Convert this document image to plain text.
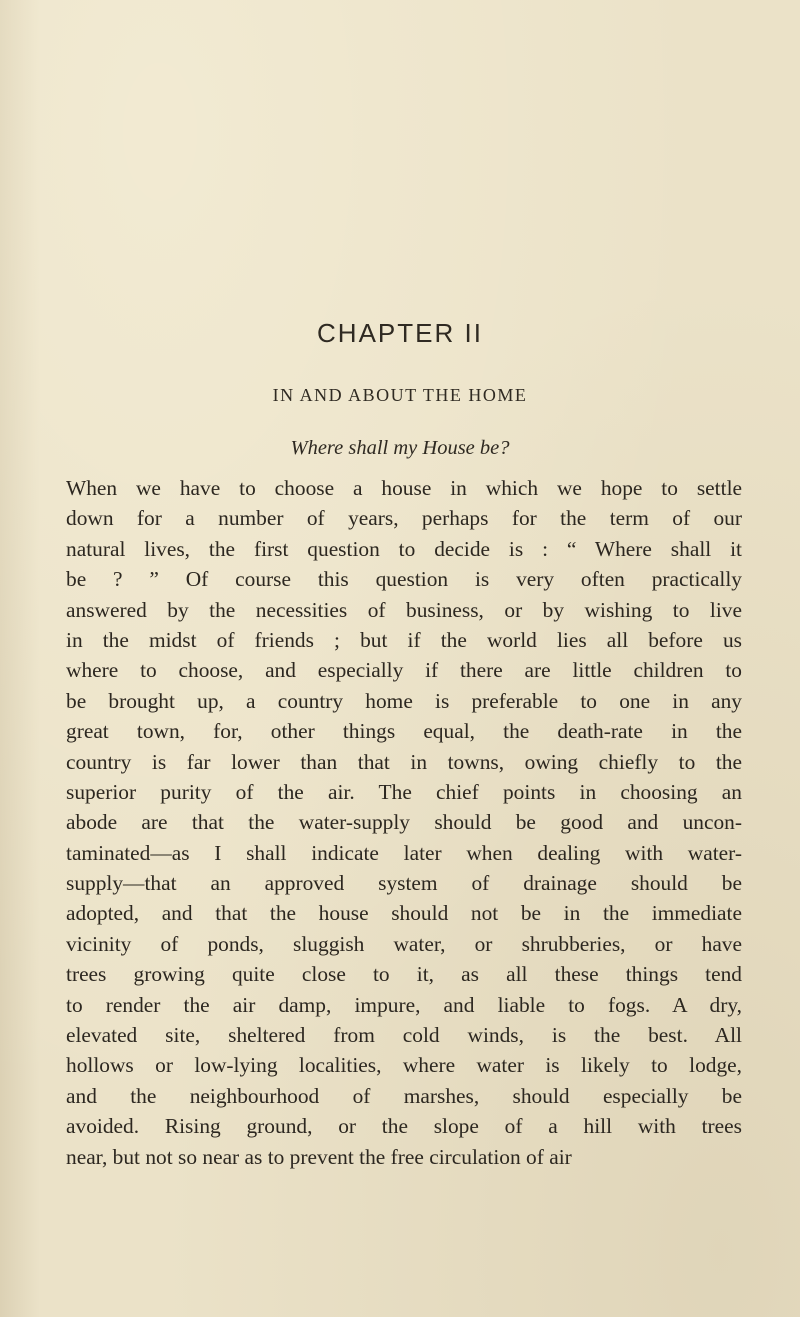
CHAPTER II
IN AND ABOUT THE HOME
Where shall my House be?
When we have to choose a house in which we hope to settle
down for a number of years, perhaps for the term of our
natural lives, the first question to decide is : “ Where shall it
be ? ” Of course this question is very often practically
answered by the necessities of business, or by wishing to live
in the midst of friends ; but if the world lies all before us
where to choose, and especially if there are little children to
be brought up, a country home is preferable to one in any
great town, for, other things equal, the death-rate in the
country is far lower than that in towns, owing chiefly to the
superior purity of the air. The chief points in choosing an
abode are that the water-supply should be good and uncon-
taminated—as I shall indicate later when dealing with water-
supply—that an approved system of drainage should be
adopted, and that the house should not be in the immediate
vicinity of ponds, sluggish water, or shrubberies, or have
trees growing quite close to it, as all these things tend
to render the air damp, impure, and liable to fogs. A dry,
elevated site, sheltered from cold winds, is the best. All
hollows or low-lying localities, where water is likely to lodge,
and the neighbourhood of marshes, should especially be
avoided. Rising ground, or the slope of a hill with trees
near, but not so near as to prevent the free circulation of air
